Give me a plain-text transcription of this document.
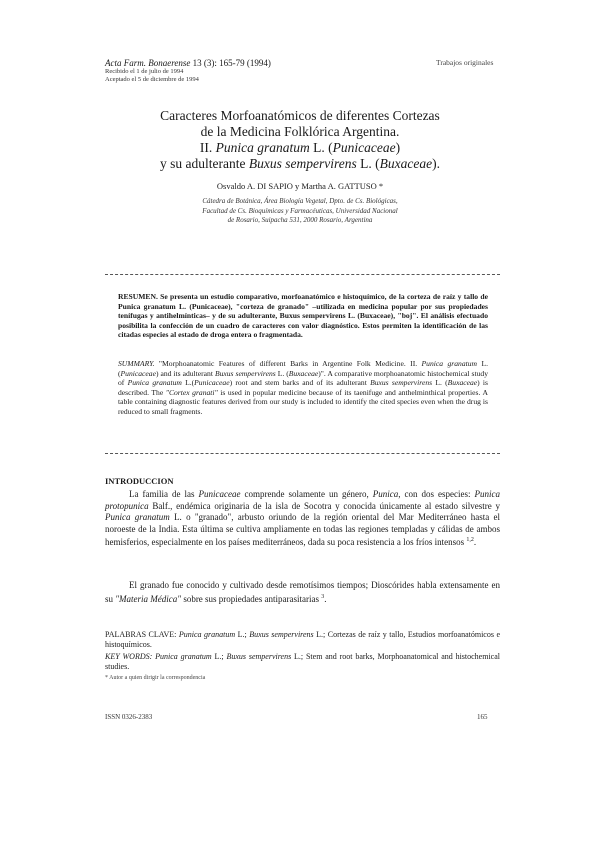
Acta Farm. Bonaerense 13 (3): 165-79 (1994)	Trabajos originales
Recibido el 1 de julio de 1994
Aceptado el 5 de diciembre de 1994
Caracteres Morfoanatómicos de diferentes Cortezas
de la Medicina Folklórica Argentina.
II. Punica granatum L. (Punicaceae)
y su adulterante Buxus sempervirens L. (Buxaceae).
Osvaldo A. DI SAPIO y Martha A. GATTUSO *
Cátedra de Botánica, Área Biología Vegetal, Dpto. de Cs. Biológicas,
Facultad de Cs. Bioquímicas y Farmacéuticas, Universidad Nacional
de Rosario, Suipacha 531, 2000 Rosario, Argentina
RESUMEN. Se presenta un estudio comparativo, morfoanatómico e histoquímico, de la corteza de raíz y tallo de Punica granatum L. (Punicaceae), "corteza de granado" –utilizada en medicina popular por sus propiedades tenífugas y antihelmínticas– y de su adulterante, Buxus sempervirens L. (Buxaceae), "boj". El análisis efectuado posibilita la confección de un cuadro de caracteres con valor diagnóstico. Estos permiten la identificación de las citadas especies al estado de droga entera o fragmentada.
SUMMARY. "Morphoanatomic Features of different Barks in Argentine Folk Medicine. II. Punica granatum L. (Punicaceae) and its adulterant Buxus sempervirens L. (Buxaceae)". A comparative morphoanatomic histochemical study of Punica granatum L.(Punicaceae) root and stem barks and of its adulterant Buxus sempervirens L. (Buxaceae) is described. The "Cortex granati" is used in popular medicine because of its taenifuge and anthelminthical properties. A table containing diagnostic features derived from our study is included to identify the cited species even when the drug is reduced to small fragments.
INTRODUCCION
La familia de las Punicaceae comprende solamente un género, Punica, con dos especies: Punica protopunica Balf., endémica originaria de la isla de Socotra y conocida únicamente al estado silvestre y Punica granatum L. o "granado", arbusto oriundo de la región oriental del Mar Mediterráneo hasta el noroeste de la India. Esta última se cultiva ampliamente en todas las regiones templadas y cálidas de ambos hemisferios, especialmente en los países mediterráneos, dada su poca resistencia a los fríos intensos $^{1,2}$.
El granado fue conocido y cultivado desde remotísimos tiempos; Dioscórides habla extensamente en su "Materia Médica" sobre sus propiedades antiparasitarias $^3$.
PALABRAS CLAVE: Punica granatum L.; Buxus sempervirens L.; Cortezas de raíz y tallo, Estudios morfoanatómicos e histoquímicos.
KEY WORDS: Punica granatum L.; Buxus sempervirens L.; Stem and root barks, Morphoanatomical and histochemical studies.
* Autor a quien dirigir la correspondencia
ISSN 0326-2383	165
